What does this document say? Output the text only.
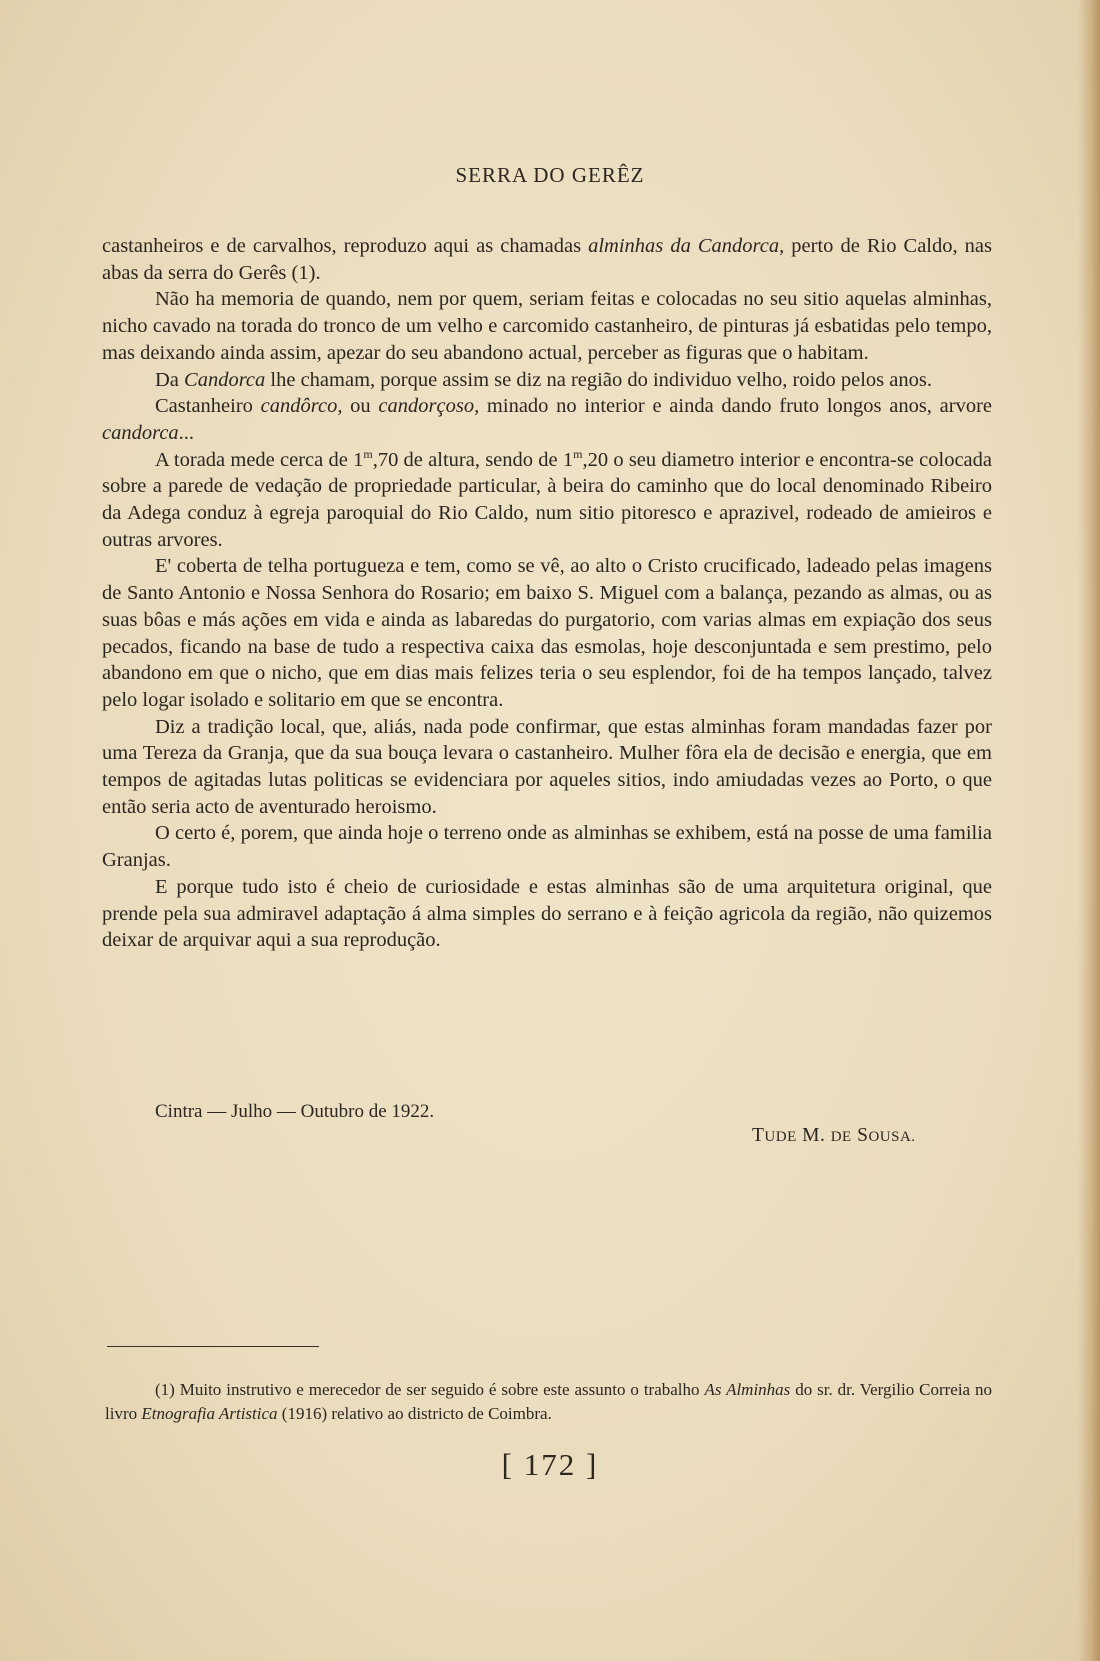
SERRA DO GERÊZ

castanheiros e de carvalhos, reproduzo aqui as chamadas alminhas da Candorca, perto de Rio Caldo, nas abas da serra do Gerês (1).

Não ha memoria de quando, nem por quem, seriam feitas e colocadas no seu sitio aquelas alminhas, nicho cavado na torada do tronco de um velho e carcomido castanheiro, de pinturas já esbatidas pelo tempo, mas deixando ainda assim, apezar do seu abandono actual, perceber as figuras que o habitam.

Da Candorca lhe chamam, porque assim se diz na região do individuo velho, roido pelos anos.

Castanheiro candôrco, ou candorçoso, minado no interior e ainda dando fruto longos anos, arvore candorca...

A torada mede cerca de 1$^m$,70 de altura, sendo de 1$^m$,20 o seu diametro interior e encontra-se colocada sobre a parede de vedação de propriedade particular, à beira do caminho que do local denominado Ribeiro da Adega conduz à egreja paroquial do Rio Caldo, num sitio pitoresco e aprazivel, rodeado de amieiros e outras arvores.

E' coberta de telha portugueza e tem, como se vê, ao alto o Cristo crucificado, ladeado pelas imagens de Santo Antonio e Nossa Senhora do Rosario; em baixo S. Miguel com a balança, pezando as almas, ou as suas bôas e más ações em vida e ainda as labaredas do purgatorio, com varias almas em expiação dos seus pecados, ficando na base de tudo a respectiva caixa das esmolas, hoje desconjuntada e sem prestimo, pelo abandono em que o nicho, que em dias mais felizes teria o seu esplendor, foi de ha tempos lançado, talvez pelo logar isolado e solitario em que se encontra.

Diz a tradição local, que, aliás, nada pode confirmar, que estas alminhas foram mandadas fazer por uma Tereza da Granja, que da sua bouça levara o castanheiro. Mulher fôra ela de decisão e energia, que em tempos de agitadas lutas politicas se evidenciara por aqueles sitios, indo amiudadas vezes ao Porto, o que então seria acto de aventurado heroismo.

O certo é, porem, que ainda hoje o terreno onde as alminhas se exhibem, está na posse de uma familia Granjas.

E porque tudo isto é cheio de curiosidade e estas alminhas são de uma arquitetura original, que prende pela sua admiravel adaptação á alma simples do serrano e à feição agricola da região, não quizemos deixar de arquivar aqui a sua reprodução.

Cintra — Julho — Outubro de 1922.
TUDE M. DE SOUSA.

(1) Muito instrutivo e merecedor de ser seguido é sobre este assunto o trabalho As Alminhas do sr. dr. Vergilio Correia no livro Etnografia Artistica (1916) relativo ao districto de Coimbra.

[ 172 ]
